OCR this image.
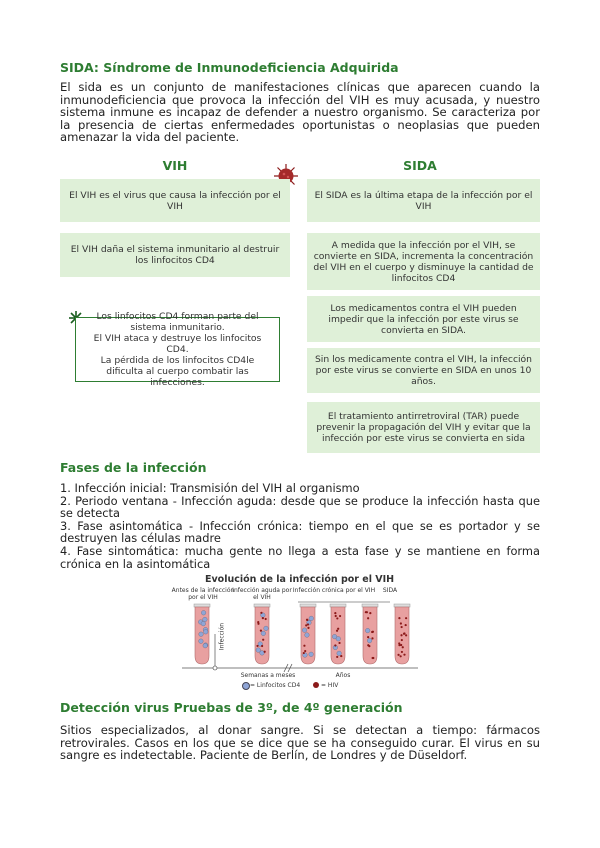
SIDA: Síndrome de Inmunodeficiencia Adquirida
El sida es un conjunto de manifestaciones clínicas que aparecen cuando la inmunodeficiencia que provoca la infección del VIH es muy acusada, y nuestro sistema inmune es incapaz de defender a nuestro organismo. Se caracteriza por la presencia de ciertas enfermedades oportunistas o neoplasias que pueden amenazar la vida del paciente.
VIH	SIDA
El VIH es el virus que causa la infección por el VIH
El VIH daña el sistema inmunitario al destruir los linfocitos CD4
Los linfocitos CD4 forman parte del sistema inmunitario.
El VIH ataca y destruye los linfocitos CD4.
La pérdida de los linfocitos CD4le dificulta al cuerpo combatir las infecciones.
El SIDA es la última etapa de la infección por el VIH
A medida que la infección por el VIH, se convierte en SIDA, incrementa la concentración del VIH en el cuerpo y disminuye la cantidad de linfocitos CD4
Los medicamentos contra el VIH pueden impedir que la infección por este virus se convierta en SIDA.
Sin los medicamente contra el VIH, la infección por este virus se convierte en SIDA en unos 10 años.
El tratamiento antirretroviral (TAR) puede prevenir la propagación del VIH y evitar que la infección por este virus se convierta en sida
Fases de la infección
1. Infección inicial: Transmisión del VIH al organismo
2. Periodo ventana - Infección aguda: desde que se produce la infección hasta que se detecta
3. Fase asintomática - Infección crónica: tiempo en el que se es portador y se destruyen las células madre
4. Fase sintomática: mucha gente no llega a esta fase y se mantiene en forma crónica en la asintomática
Evolución de la infección por el VIH
Antes de la infección por el VIH
Infección aguda por el VIH
Infección crónica por el VIH	SIDA
Infección
Semanas a meses	Años
= Linfocitos CD4	= HIV
Detección virus Pruebas de 3º, de 4º generación
Sitios especializados, al donar sangre. Si se detectan a tiempo: fármacos retrovirales. Casos en los que se dice que se ha conseguido curar. El virus en su sangre es indetectable. Paciente de Berlín, de Londres y de Düseldorf.
